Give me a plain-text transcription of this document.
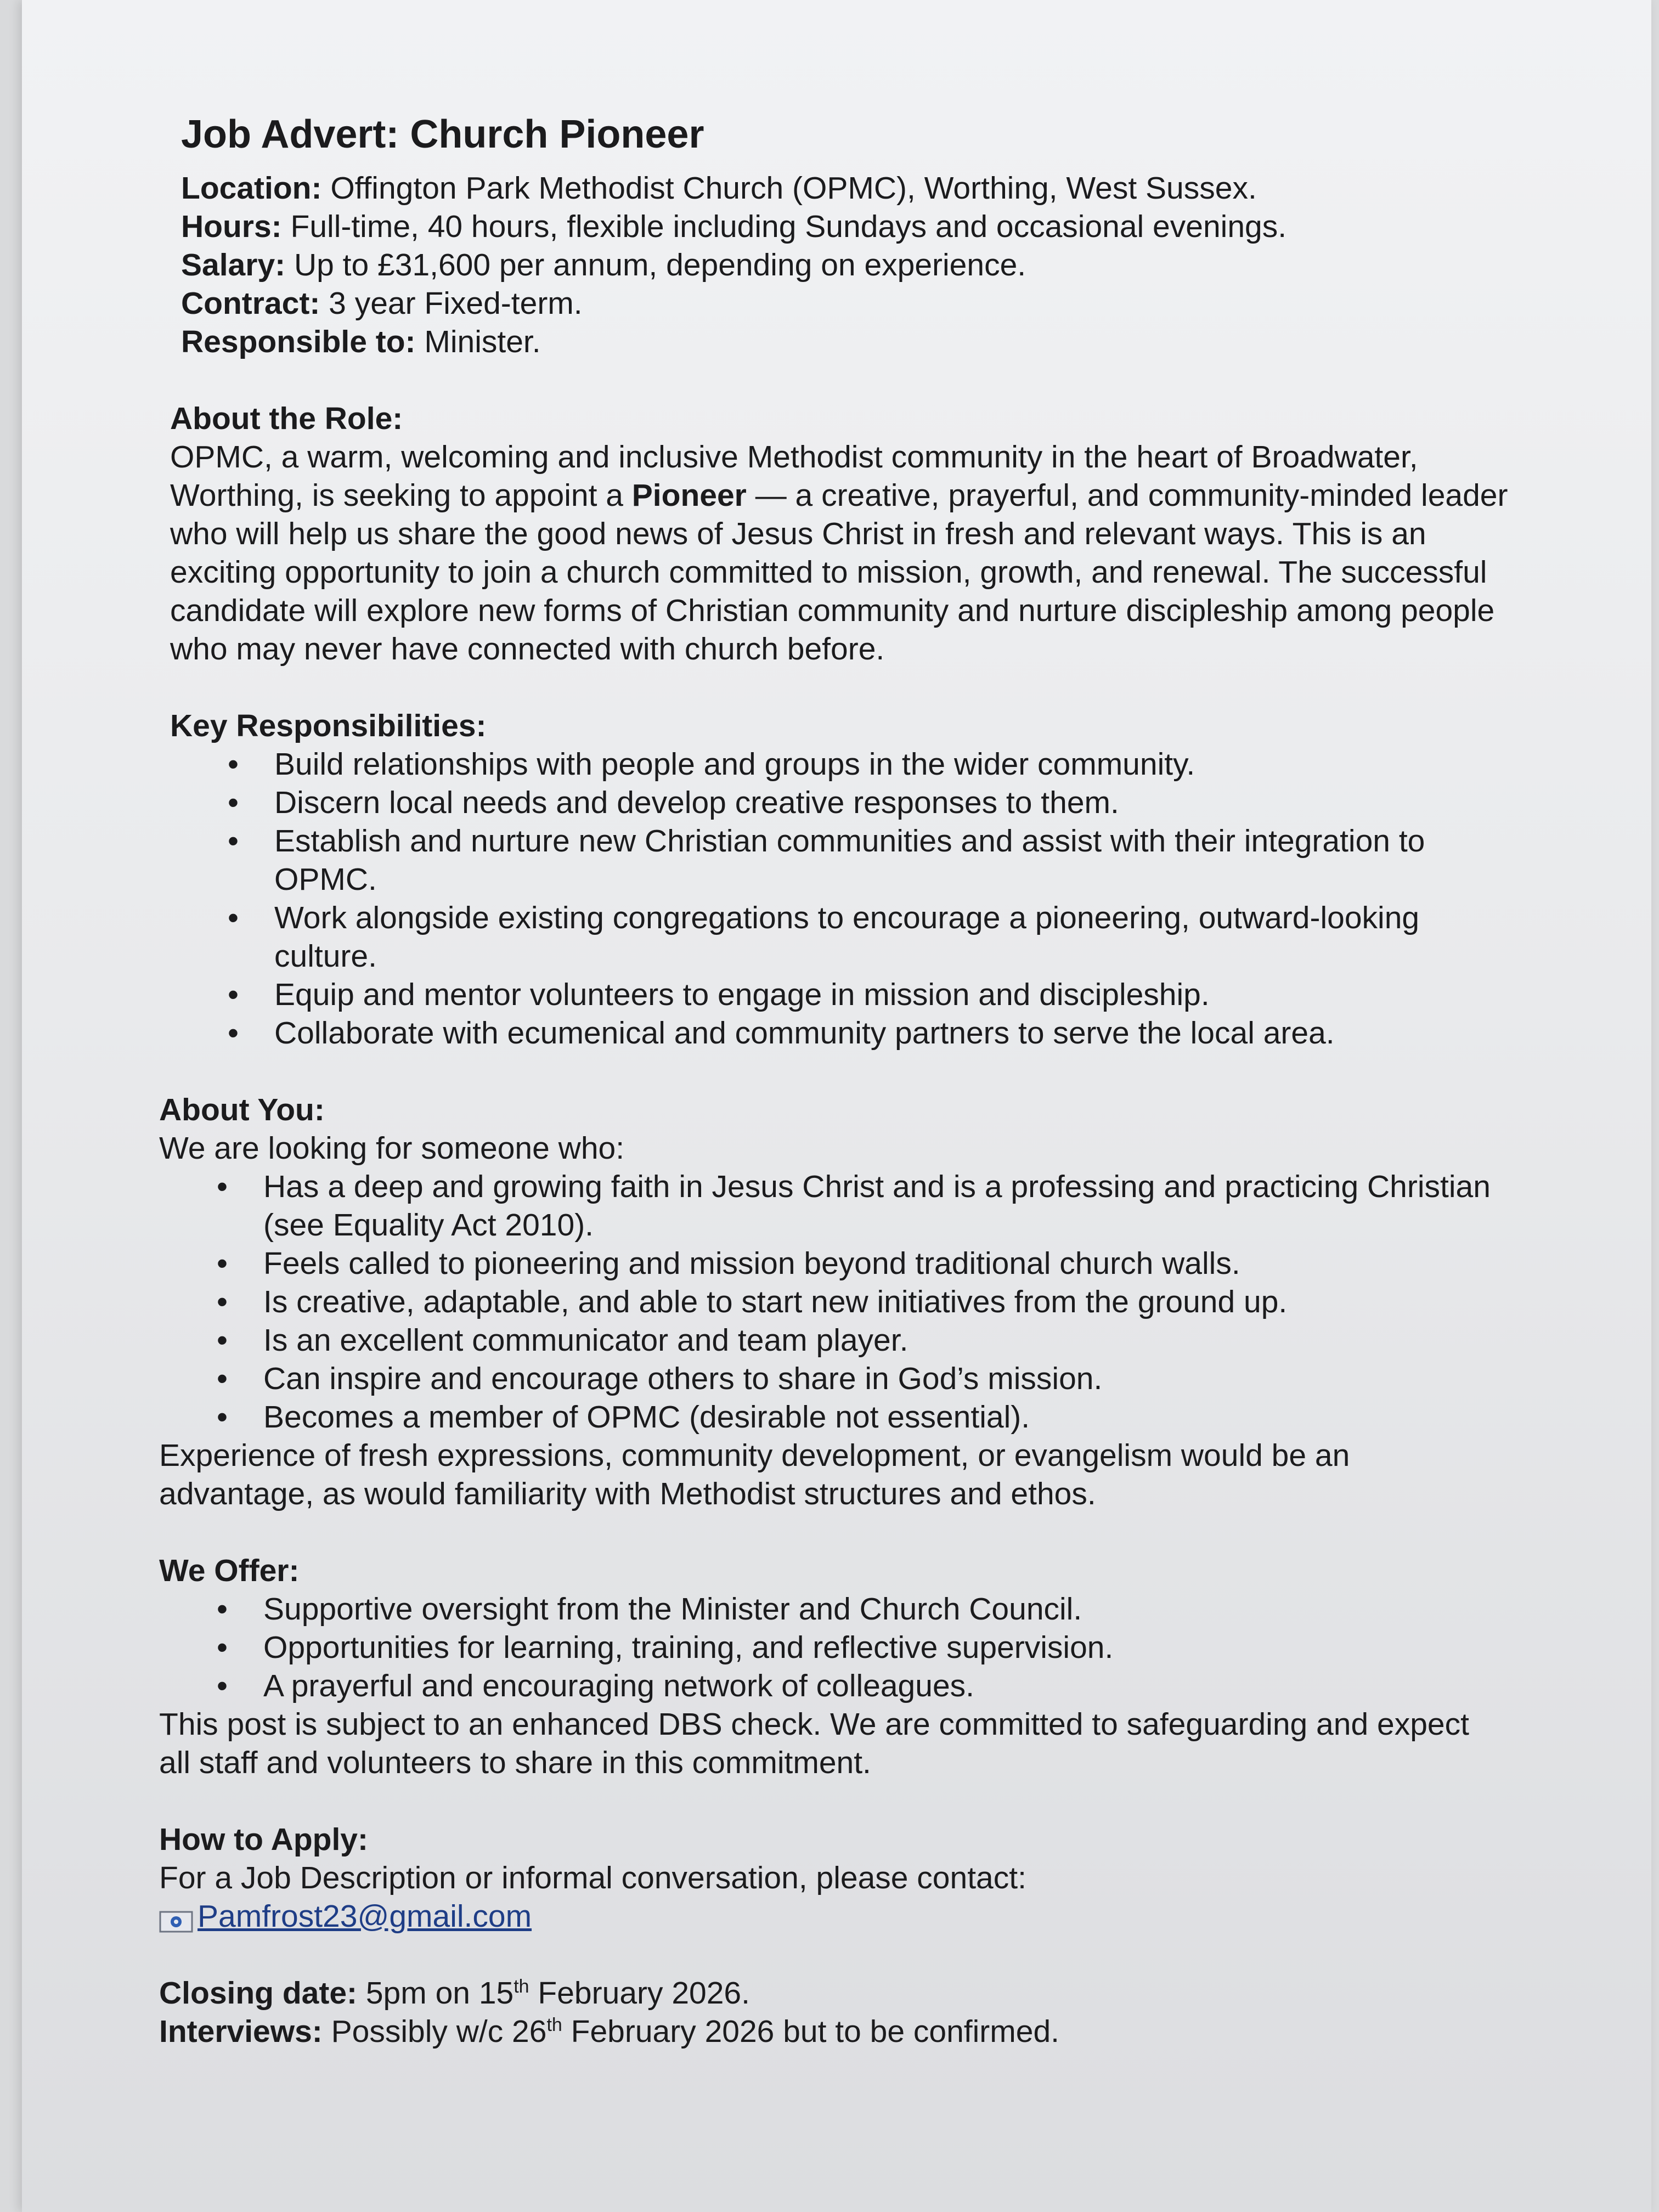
Job Advert: Church Pioneer

Location: Offington Park Methodist Church (OPMC), Worthing, West Sussex.

Hours: Full-time, 40 hours, flexible including Sundays and occasional evenings.

Salary: Up to £31,600 per annum, depending on experience.

Contract: 3 year Fixed-term.

Responsible to: Minister.

About the Role:

OPMC, a warm, welcoming and inclusive Methodist community in the heart of Broadwater, Worthing, is seeking to appoint a Pioneer — a creative, prayerful, and community-minded leader who will help us share the good news of Jesus Christ in fresh and relevant ways. This is an exciting opportunity to join a church committed to mission, growth, and renewal. The successful candidate will explore new forms of Christian community and nurture discipleship among people who may never have connected with church before.

Key Responsibilities:

• Build relationships with people and groups in the wider community.
• Discern local needs and develop creative responses to them.
• Establish and nurture new Christian communities and assist with their integration to OPMC.
• Work alongside existing congregations to encourage a pioneering, outward-looking culture.
• Equip and mentor volunteers to engage in mission and discipleship.
• Collaborate with ecumenical and community partners to serve the local area.

About You:

We are looking for someone who:

• Has a deep and growing faith in Jesus Christ and is a professing and practicing Christian (see Equality Act 2010).
• Feels called to pioneering and mission beyond traditional church walls.
• Is creative, adaptable, and able to start new initiatives from the ground up.
• Is an excellent communicator and team player.
• Can inspire and encourage others to share in God’s mission.
• Becomes a member of OPMC (desirable not essential).

Experience of fresh expressions, community development, or evangelism would be an advantage, as would familiarity with Methodist structures and ethos.

We Offer:

• Supportive oversight from the Minister and Church Council.
• Opportunities for learning, training, and reflective supervision.
• A prayerful and encouraging network of colleagues.

This post is subject to an enhanced DBS check. We are committed to safeguarding and expect all staff and volunteers to share in this commitment.

How to Apply:

For a Job Description or informal conversation, please contact:

Pamfrost23@gmail.com

Closing date: 5pm on 15th February 2026.

Interviews: Possibly w/c 26th February 2026 but to be confirmed.
